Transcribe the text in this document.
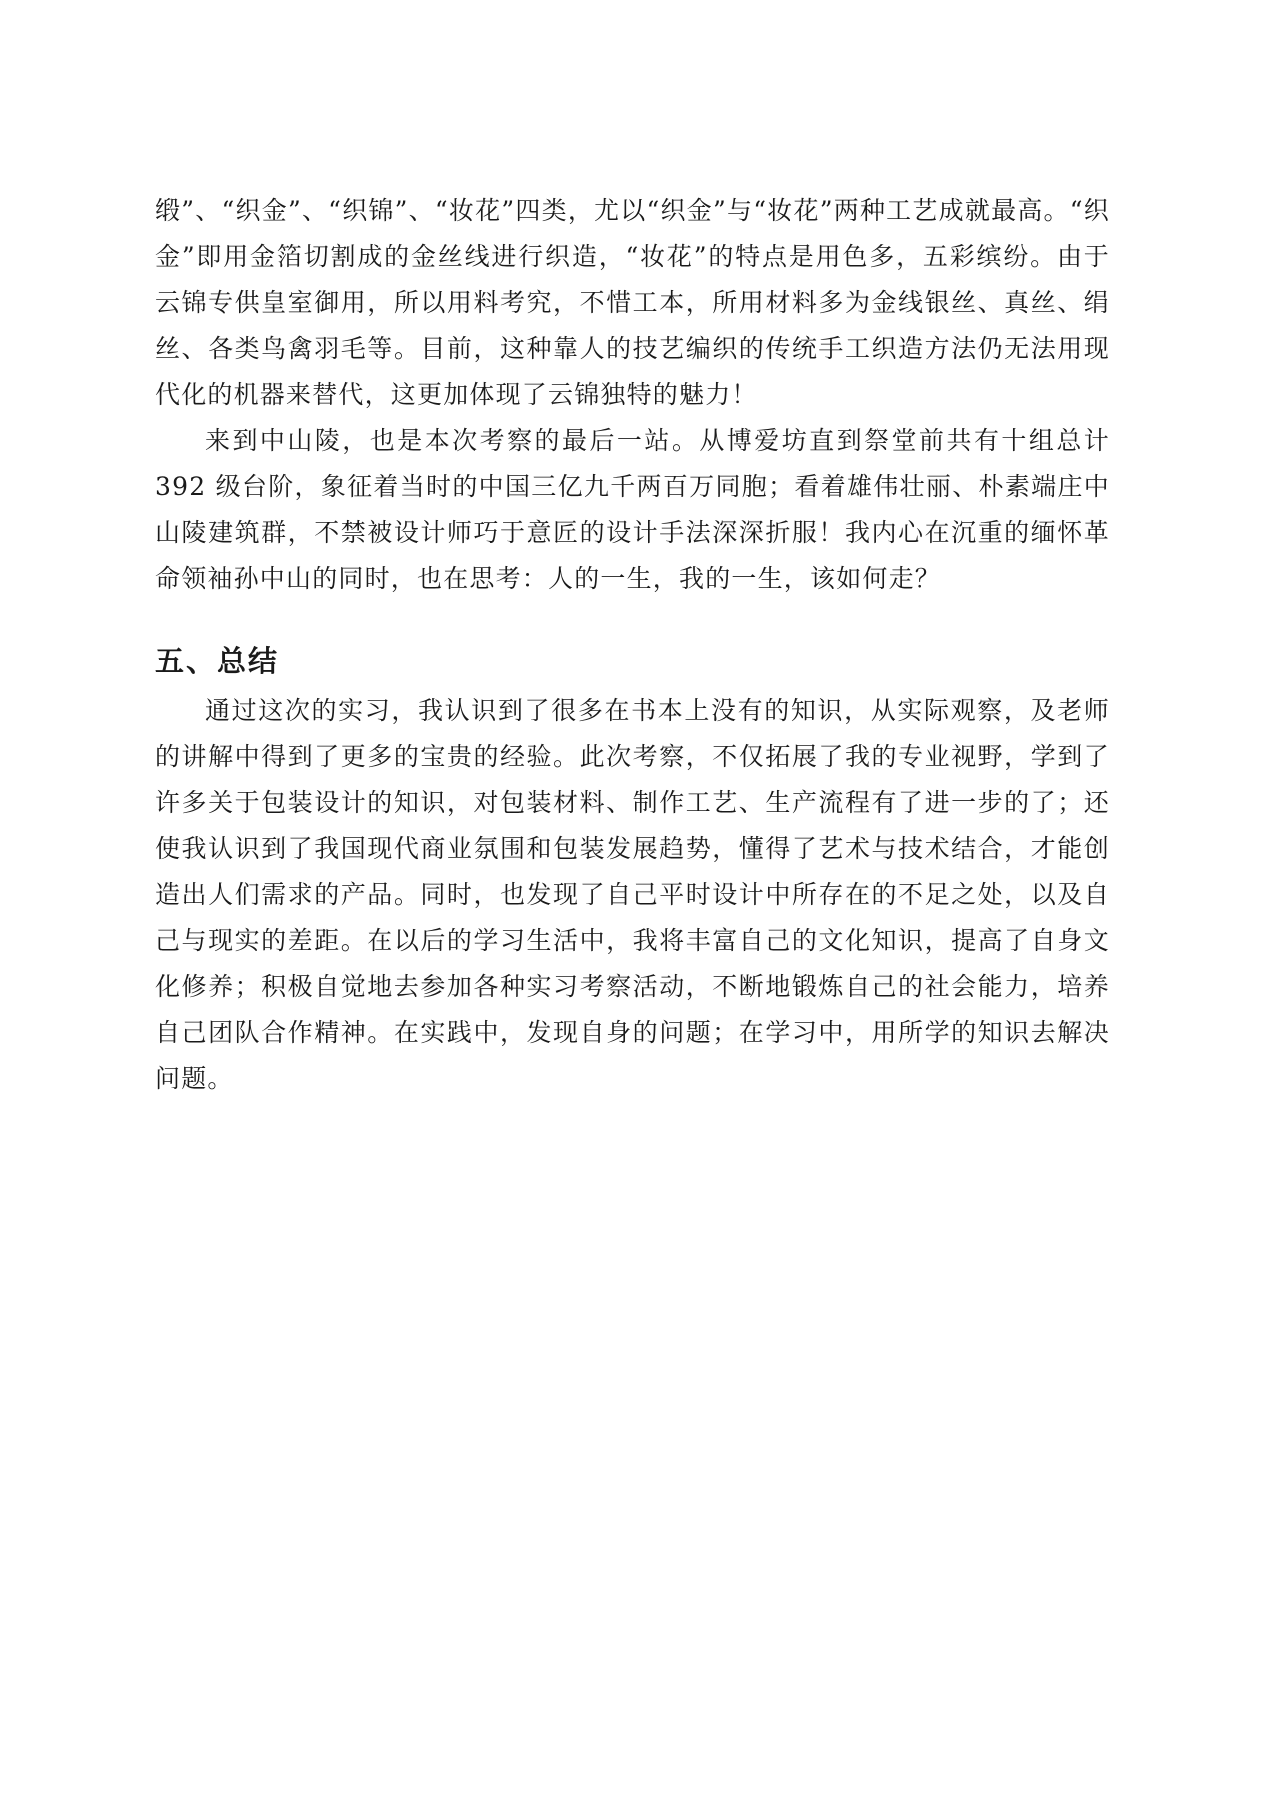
缎”、“织金”、“织锦”、“妆花”四类，尤以“织金”与“妆花”两种工艺成就最高。“织金”即用金箔切割成的金丝线进行织造，“妆花”的特点是用色多，五彩缤纷。由于云锦专供皇室御用，所以用料考究，不惜工本，所用材料多为金线银丝、真丝、绢丝、各类鸟禽羽毛等。目前，这种靠人的技艺编织的传统手工织造方法仍无法用现代化的机器来替代，这更加体现了云锦独特的魅力！

来到中山陵，也是本次考察的最后一站。从博爱坊直到祭堂前共有十组总计 392 级台阶，象征着当时的中国三亿九千两百万同胞；看着雄伟壮丽、朴素端庄中山陵建筑群，不禁被设计师巧于意匠的设计手法深深折服！我内心在沉重的缅怀革命领袖孙中山的同时，也在思考：人的一生，我的一生，该如何走？

五、总结

通过这次的实习，我认识到了很多在书本上没有的知识，从实际观察，及老师的讲解中得到了更多的宝贵的经验。此次考察，不仅拓展了我的专业视野，学到了许多关于包装设计的知识，对包装材料、制作工艺、生产流程有了进一步的了；还使我认识到了我国现代商业氛围和包装发展趋势，懂得了艺术与技术结合，才能创造出人们需求的产品。同时，也发现了自己平时设计中所存在的不足之处，以及自己与现实的差距。在以后的学习生活中，我将丰富自己的文化知识，提高了自身文化修养；积极自觉地去参加各种实习考察活动，不断地锻炼自己的社会能力，培养自己团队合作精神。在实践中，发现自身的问题；在学习中，用所学的知识去解决问题。
